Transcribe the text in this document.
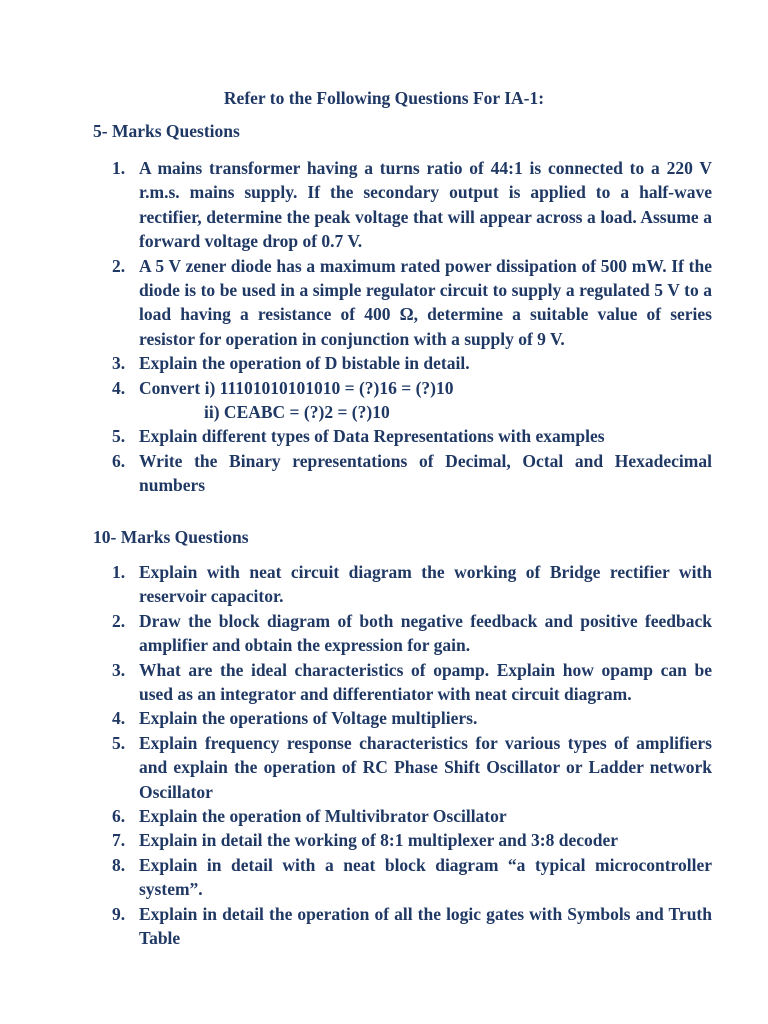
Refer to the Following Questions For IA-1:
5- Marks Questions
1. A mains transformer having a turns ratio of 44:1 is connected to a 220 V r.m.s. mains supply. If the secondary output is applied to a half-wave rectifier, determine the peak voltage that will appear across a load. Assume a forward voltage drop of 0.7 V.
2. A 5 V zener diode has a maximum rated power dissipation of 500 mW. If the diode is to be used in a simple regulator circuit to supply a regulated 5 V to a load having a resistance of 400 Ω, determine a suitable value of series resistor for operation in conjunction with a supply of 9 V.
3. Explain the operation of D bistable in detail.
4. Convert i) 11101010101010 = (?)16 = (?)10
ii) CEABC = (?)2 = (?)10
5. Explain different types of Data Representations with examples
6. Write the Binary representations of Decimal, Octal and Hexadecimal numbers
10- Marks Questions
1. Explain with neat circuit diagram the working of Bridge rectifier with reservoir capacitor.
2. Draw the block diagram of both negative feedback and positive feedback amplifier and obtain the expression for gain.
3. What are the ideal characteristics of opamp. Explain how opamp can be used as an integrator and differentiator with neat circuit diagram.
4. Explain the operations of Voltage multipliers.
5. Explain frequency response characteristics for various types of amplifiers and explain the operation of RC Phase Shift Oscillator or Ladder network Oscillator
6. Explain the operation of Multivibrator Oscillator
7. Explain in detail the working of 8:1 multiplexer and 3:8 decoder
8. Explain in detail with a neat block diagram “a typical microcontroller system”.
9. Explain in detail the operation of all the logic gates with Symbols and Truth Table
